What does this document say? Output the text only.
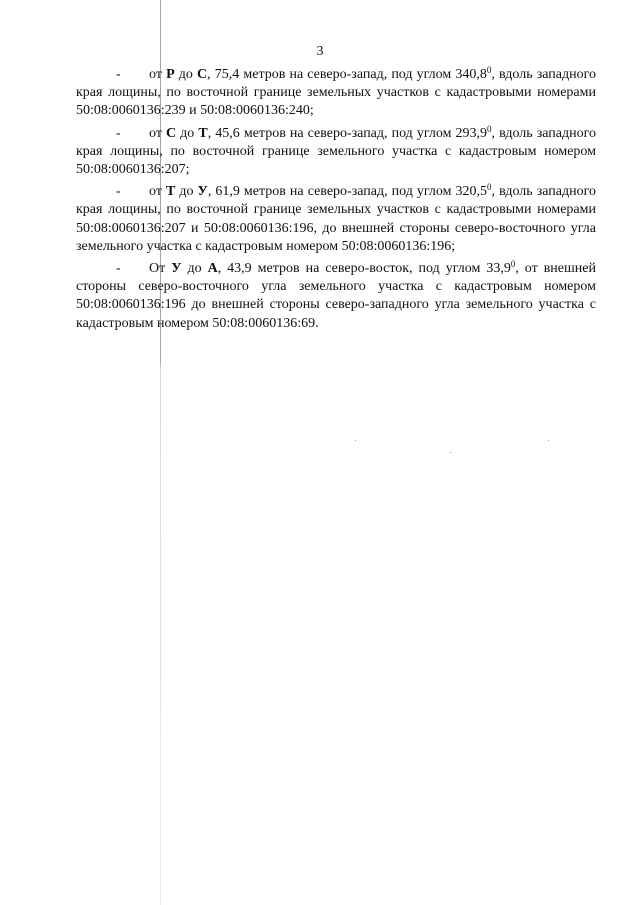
3

- от Р до С, 75,4 метров на северо-запад, под углом 340,8$^0$, вдоль западного края лощины, по восточной границе земельных участков с кадастровыми номерами 50:08:0060136:239 и 50:08:0060136:240;

- от С до Т, 45,6 метров на северо-запад, под углом 293,9$^0$, вдоль западного края лощины, по восточной границе земельного участка с кадастровым номером 50:08:0060136:207;

- от Т до У, 61,9 метров на северо-запад, под углом 320,5$^0$, вдоль западного края лощины, по восточной границе земельных участков с кадастровыми номерами 50:08:0060136:207 и 50:08:0060136:196, до внешней стороны северо-восточного угла земельного участка с кадастровым номером 50:08:0060136:196;

- От У до А, 43,9 метров на северо-восток, под углом 33,9$^0$, от внешней стороны северо-восточного угла земельного участка с кадастровым номером 50:08:0060136:196 до внешней стороны северо-западного угла земельного участка с кадастровым номером 50:08:0060136:69.
